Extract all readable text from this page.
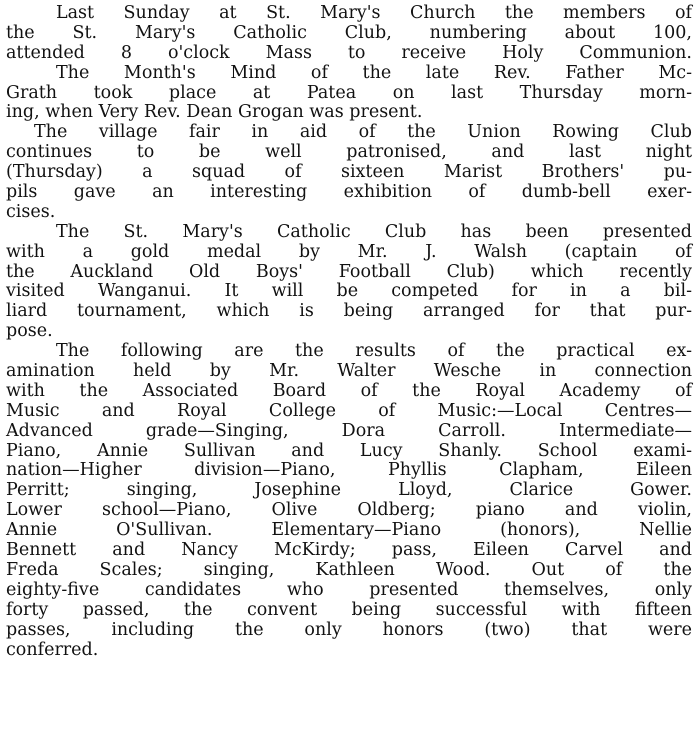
Last Sunday at St. Mary's Church the members of
the St. Mary's Catholic Club, numbering about 100,
attended 8 o'clock Mass to receive Holy Communion.
The Month's Mind of the late Rev. Father Mc-
Grath took place at Patea on last Thursday morn-
ing, when Very Rev. Dean Grogan was present.
The village fair in aid of the Union Rowing Club
continues to be well patronised, and last night
(Thursday) a squad of sixteen Marist Brothers' pu-
pils gave an interesting exhibition of dumb-bell exer-
cises.
The St. Mary's Catholic Club has been presented
with a gold medal by Mr. J. Walsh (captain of
the Auckland Old Boys' Football Club) which recently
visited Wanganui. It will be competed for in a bil-
liard tournament, which is being arranged for that pur-
pose.
The following are the results of the practical ex-
amination held by Mr. Walter Wesche in connection
with the Associated Board of the Royal Academy of
Music and Royal College of Music:—Local Centres—
Advanced grade—Singing, Dora Carroll. Intermediate—
Piano, Annie Sullivan and Lucy Shanly. School exami-
nation—Higher division—Piano, Phyllis Clapham, Eileen
Perritt; singing, Josephine Lloyd, Clarice Gower.
Lower school—Piano, Olive Oldberg; piano and violin,
Annie O'Sullivan. Elementary—Piano (honors), Nellie
Bennett and Nancy McKirdy; pass, Eileen Carvel and
Freda Scales; singing, Kathleen Wood. Out of the
eighty-five candidates who presented themselves, only
forty passed, the convent being successful with fifteen
passes, including the only honors (two) that were
conferred.
